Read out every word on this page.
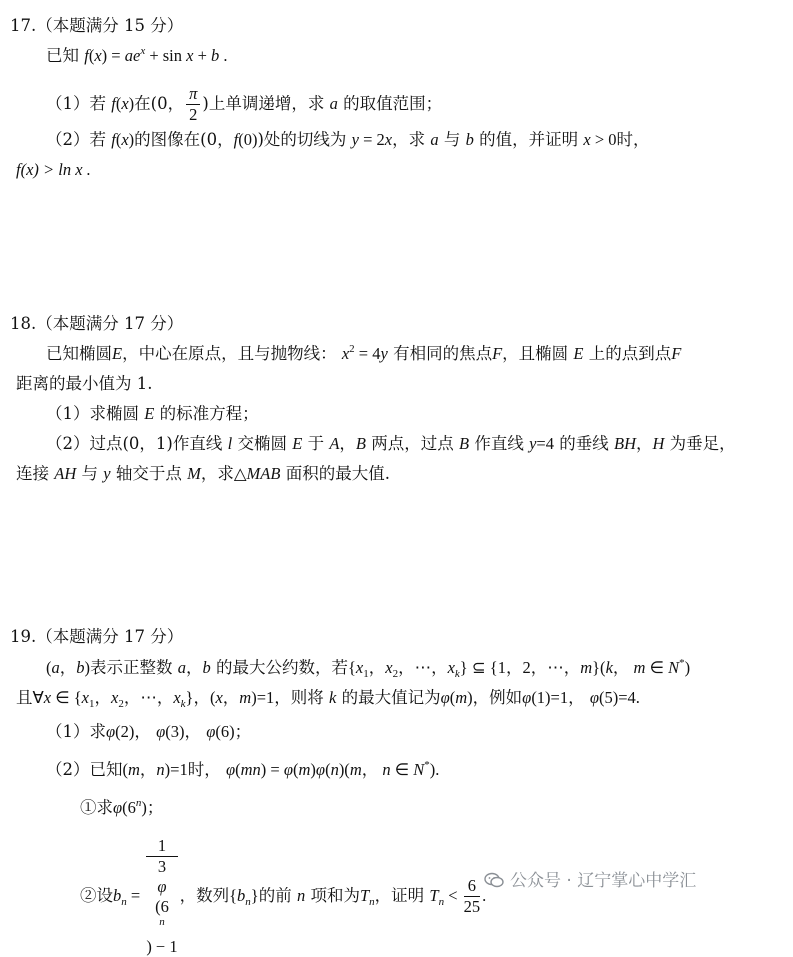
17.（本题满分 15 分）
已知 $f(x) = ae^x + \sin x + b$ .
（1）若 f(x)在(0， $\frac{\pi}{2}$ )上单调递增，求 a 的取值范围；
（2）若 f(x)的图像在(0，f(0))处的切线为 y = 2x，求 a 与 b 的值，并证明 x > 0时，
f(x) > ln x .
18.（本题满分 17 分）
已知椭圆E，中心在原点，且与抛物线： $x^2 = 4y$ 有相同的焦点F，且椭圆 E 上的点到点F
距离的最小值为 1.
（1）求椭圆 E 的标准方程；
（2）过点(0，1)作直线 l 交椭圆 E 于 A，B 两点，过点 B 作直线 y=4 的垂线 BH，H 为垂足，
连接 AH 与 y 轴交于点 M，求△MAB 面积的最大值.
19.（本题满分 17 分）
(a，b)表示正整数 a，b 的最大公约数，若{$x_1$，$x_2$，⋯，$x_k$} ⊆ {1，2，⋯，m}(k， m ∈ N*)
且∀x ∈ {$x_1$，$x_2$，⋯，$x_k$}，(x，m)=1，则将 k 的最大值记为φ(m)，例如φ(1)=1， φ(5)=4.
（1）求φ(2)， φ(3)， φ(6)；
（2）已知(m，n)=1时， φ(mn) = φ(m)φ(n)(m， n ∈ N*).
①求φ(6$^n$)；
②设$b_n = 1$
3
φ
(6
$^n$
) − 1 ，数列$\{b_n\}$的前 n 项和为$T_n$，证明 $T_n < \frac{6}{25}$ .
公众号 · 辽宁掌心中学汇
